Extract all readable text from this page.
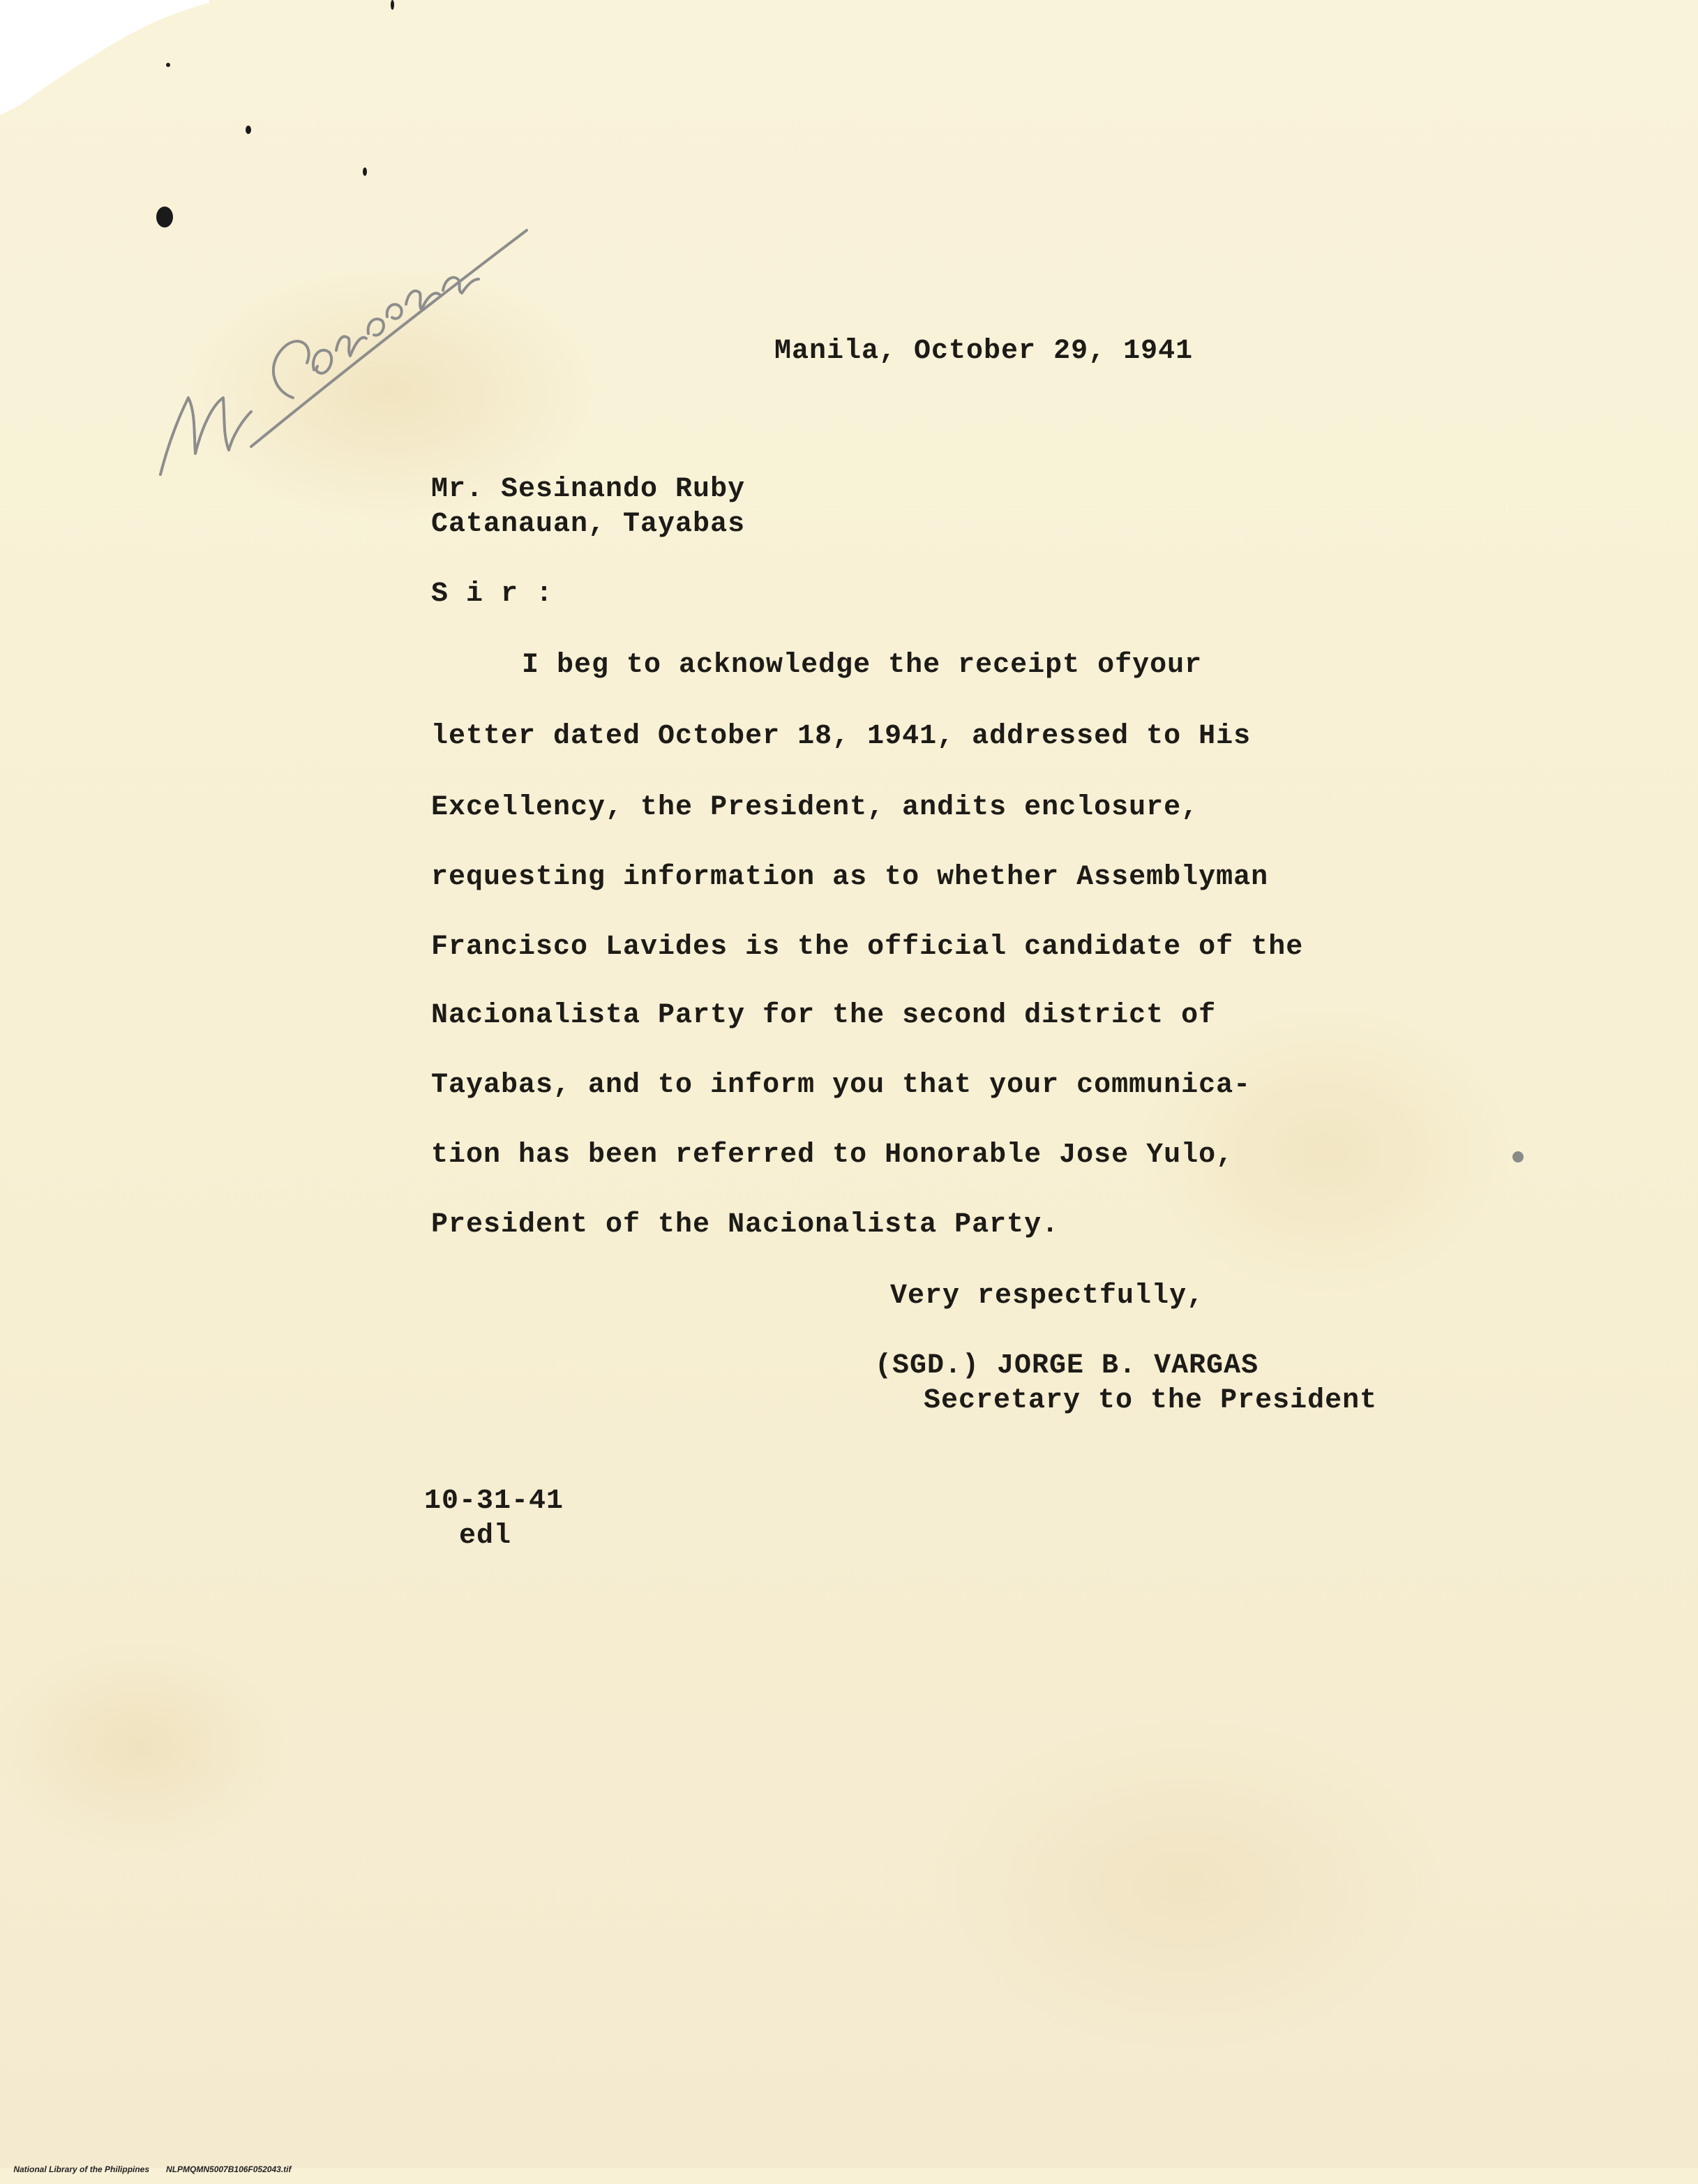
Manila, October 29, 1941
Mr. Sesinando Ruby
Catanauan, Tayabas
S i r :
I beg to acknowledge the receipt ofyour
letter dated October 18, 1941, addressed to His
Excellency, the President, andits enclosure,
requesting information as to whether Assemblyman
Francisco Lavides is the official candidate of the
Nacionalista Party for the second district of
Tayabas, and to inform you that your communica-
tion has been referred to Honorable Jose Yulo,
President of the Nacionalista Party.
Very respectfully,
(SGD.) JORGE B. VARGAS
Secretary to the President
10-31-41
edl

National Library of the Philippines NLPMQMN5007B106F052043.tif
